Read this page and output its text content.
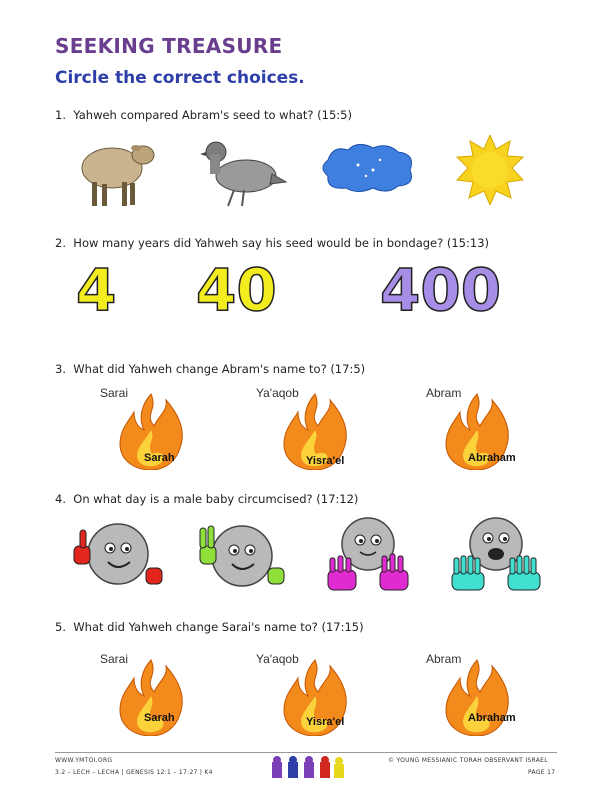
SEEKING TREASURE
Circle the correct choices.
1. Yahweh compared Abram's seed to what? (15:5)
2. How many years did Yahweh say his seed would be in bondage? (15:13)
4 40 400
3. What did Yahweh change Abram's name to? (17:5)
Sarai
Sarah
Ya'aqob
Yisra'el
Abram
Abraham
4. On what day is a male baby circumcised? (17:12)
1	2
8	10
5. What did Yahweh change Sarai's name to? (17:15)
Sarai
Sarah
Ya'aqob
Yisra'el
Abram
Abraham
WWW.YMTOI.ORG
3.2 – LECH – LECHA | GENESIS 12:1 – 17:27 | K4
© YOUNG MESSIANIC TORAH OBSERVANT ISRAEL
PAGE 17
